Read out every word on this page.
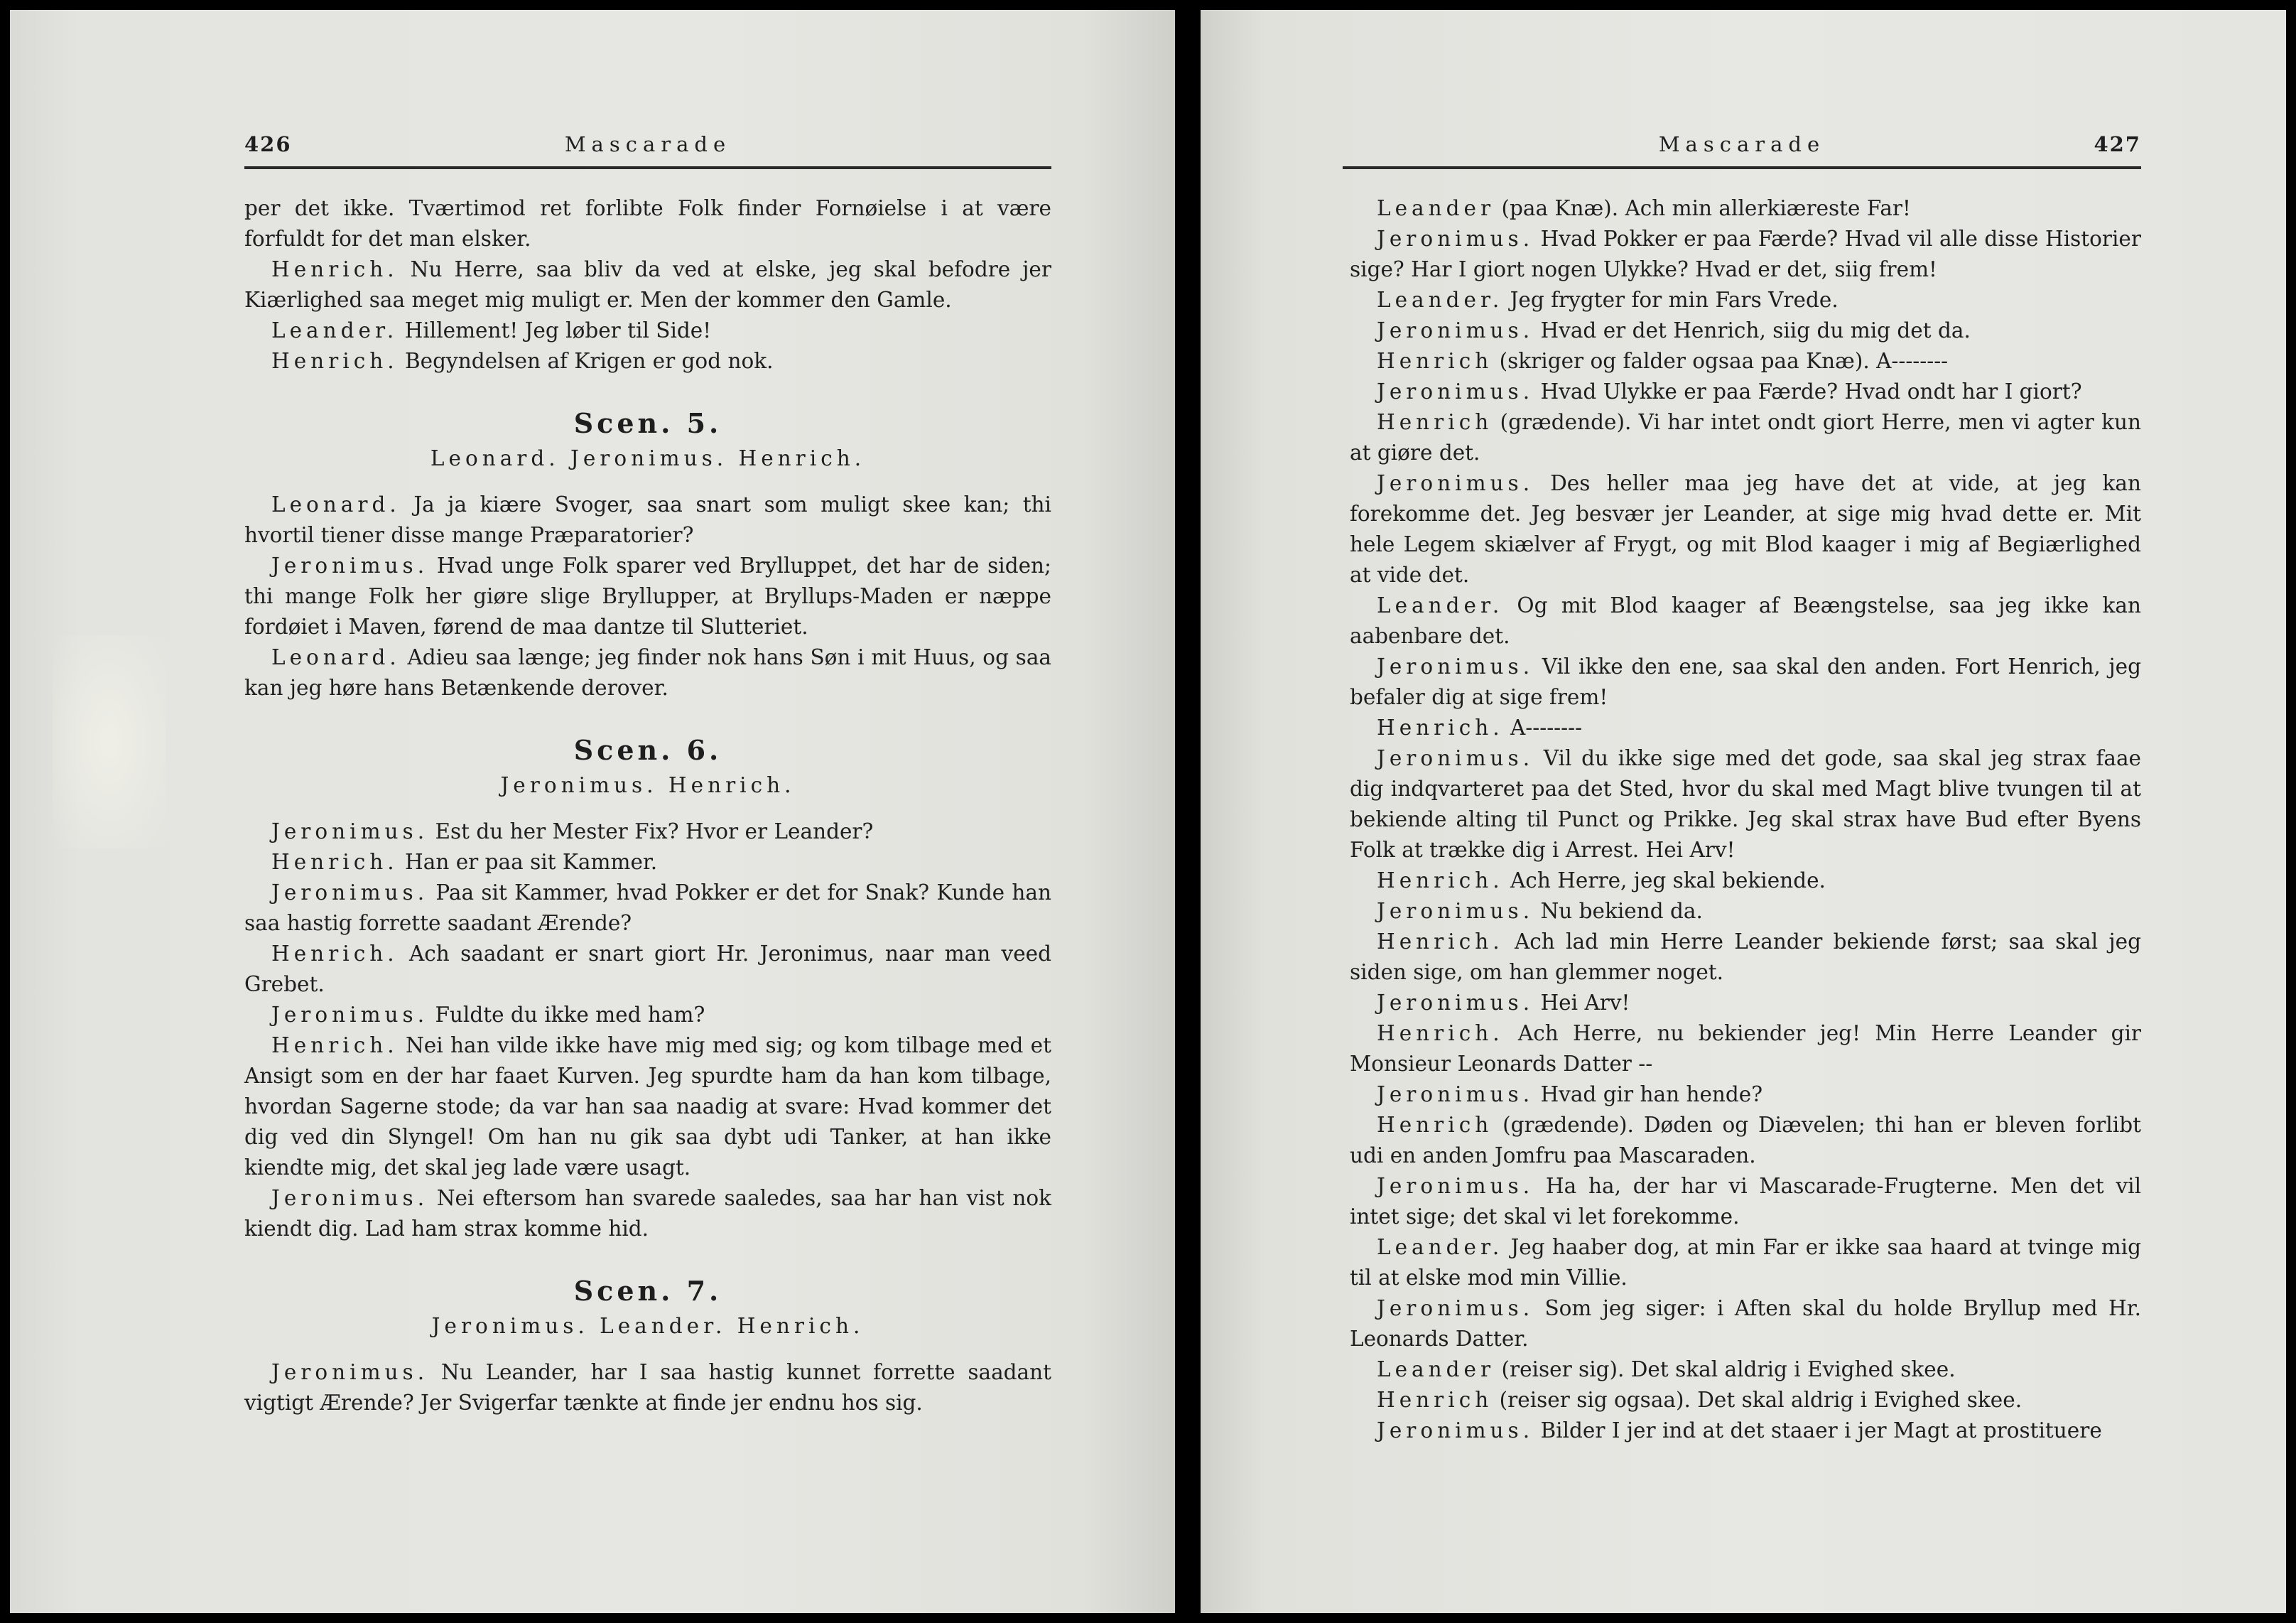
426	Mascarade

per det ikke. Tværtimod ret forlibte Folk finder Fornøielse i at være forfuldt for det man elsker.

Henrich. Nu Herre, saa bliv da ved at elske, jeg skal befodre jer Kiærlighed saa meget mig muligt er. Men der kommer den Gamle.

Leander. Hillement! Jeg løber til Side!

Henrich. Begyndelsen af Krigen er god nok.

Scen. 5.
Leonard. Jeronimus. Henrich.

Leonard. Ja ja kiære Svoger, saa snart som muligt skee kan; thi hvortil tiener disse mange Præparatorier?

Jeronimus. Hvad unge Folk sparer ved Brylluppet, det har de siden; thi mange Folk her giøre slige Bryllupper, at Bryllups-Maden er næppe fordøiet i Maven, førend de maa dantze til Slutteriet.

Leonard. Adieu saa længe; jeg finder nok hans Søn i mit Huus, og saa kan jeg høre hans Betænkende derover.

Scen. 6.
Jeronimus. Henrich.

Jeronimus. Est du her Mester Fix? Hvor er Leander?

Henrich. Han er paa sit Kammer.

Jeronimus. Paa sit Kammer, hvad Pokker er det for Snak? Kunde han saa hastig forrette saadant Ærende?

Henrich. Ach saadant er snart giort Hr. Jeronimus, naar man veed Grebet.

Jeronimus. Fuldte du ikke med ham?

Henrich. Nei han vilde ikke have mig med sig; og kom tilbage med et Ansigt som en der har faaet Kurven. Jeg spurdte ham da han kom tilbage, hvordan Sagerne stode; da var han saa naadig at svare: Hvad kommer det dig ved din Slyngel! Om han nu gik saa dybt udi Tanker, at han ikke kiendte mig, det skal jeg lade være usagt.

Jeronimus. Nei eftersom han svarede saaledes, saa har han vist nok kiendt dig. Lad ham strax komme hid.

Scen. 7.
Jeronimus. Leander. Henrich.

Jeronimus. Nu Leander, har I saa hastig kunnet forrette saadant vigtigt Ærende? Jer Svigerfar tænkte at finde jer endnu hos sig.

Mascarade	427

Leander (paa Knæ). Ach min allerkiæreste Far!

Jeronimus. Hvad Pokker er paa Færde? Hvad vil alle disse Historier sige? Har I giort nogen Ulykke? Hvad er det, siig frem!

Leander. Jeg frygter for min Fars Vrede.

Jeronimus. Hvad er det Henrich, siig du mig det da.

Henrich (skriger og falder ogsaa paa Knæ). A--------

Jeronimus. Hvad Ulykke er paa Færde? Hvad ondt har I giort?

Henrich (grædende). Vi har intet ondt giort Herre, men vi agter kun at giøre det.

Jeronimus. Des heller maa jeg have det at vide, at jeg kan forekomme det. Jeg besvær jer Leander, at sige mig hvad dette er. Mit hele Legem skiælver af Frygt, og mit Blod kaager i mig af Begiærlighed at vide det.

Leander. Og mit Blod kaager af Beængstelse, saa jeg ikke kan aabenbare det.

Jeronimus. Vil ikke den ene, saa skal den anden. Fort Henrich, jeg befaler dig at sige frem!

Henrich. A--------

Jeronimus. Vil du ikke sige med det gode, saa skal jeg strax faae dig indqvarteret paa det Sted, hvor du skal med Magt blive tvungen til at bekiende alting til Punct og Prikke. Jeg skal strax have Bud efter Byens Folk at trække dig i Arrest. Hei Arv!

Henrich. Ach Herre, jeg skal bekiende.

Jeronimus. Nu bekiend da.

Henrich. Ach lad min Herre Leander bekiende først; saa skal jeg siden sige, om han glemmer noget.

Jeronimus. Hei Arv!

Henrich. Ach Herre, nu bekiender jeg! Min Herre Leander gir Monsieur Leonards Datter --

Jeronimus. Hvad gir han hende?

Henrich (grædende). Døden og Diævelen; thi han er bleven forlibt udi en anden Jomfru paa Mascaraden.

Jeronimus. Ha ha, der har vi Mascarade-Frugterne. Men det vil intet sige; det skal vi let forekomme.

Leander. Jeg haaber dog, at min Far er ikke saa haard at tvinge mig til at elske mod min Villie.

Jeronimus. Som jeg siger: i Aften skal du holde Bryllup med Hr. Leonards Datter.

Leander (reiser sig). Det skal aldrig i Evighed skee.

Henrich (reiser sig ogsaa). Det skal aldrig i Evighed skee.

Jeronimus. Bilder I jer ind at det staaer i jer Magt at prostituere
